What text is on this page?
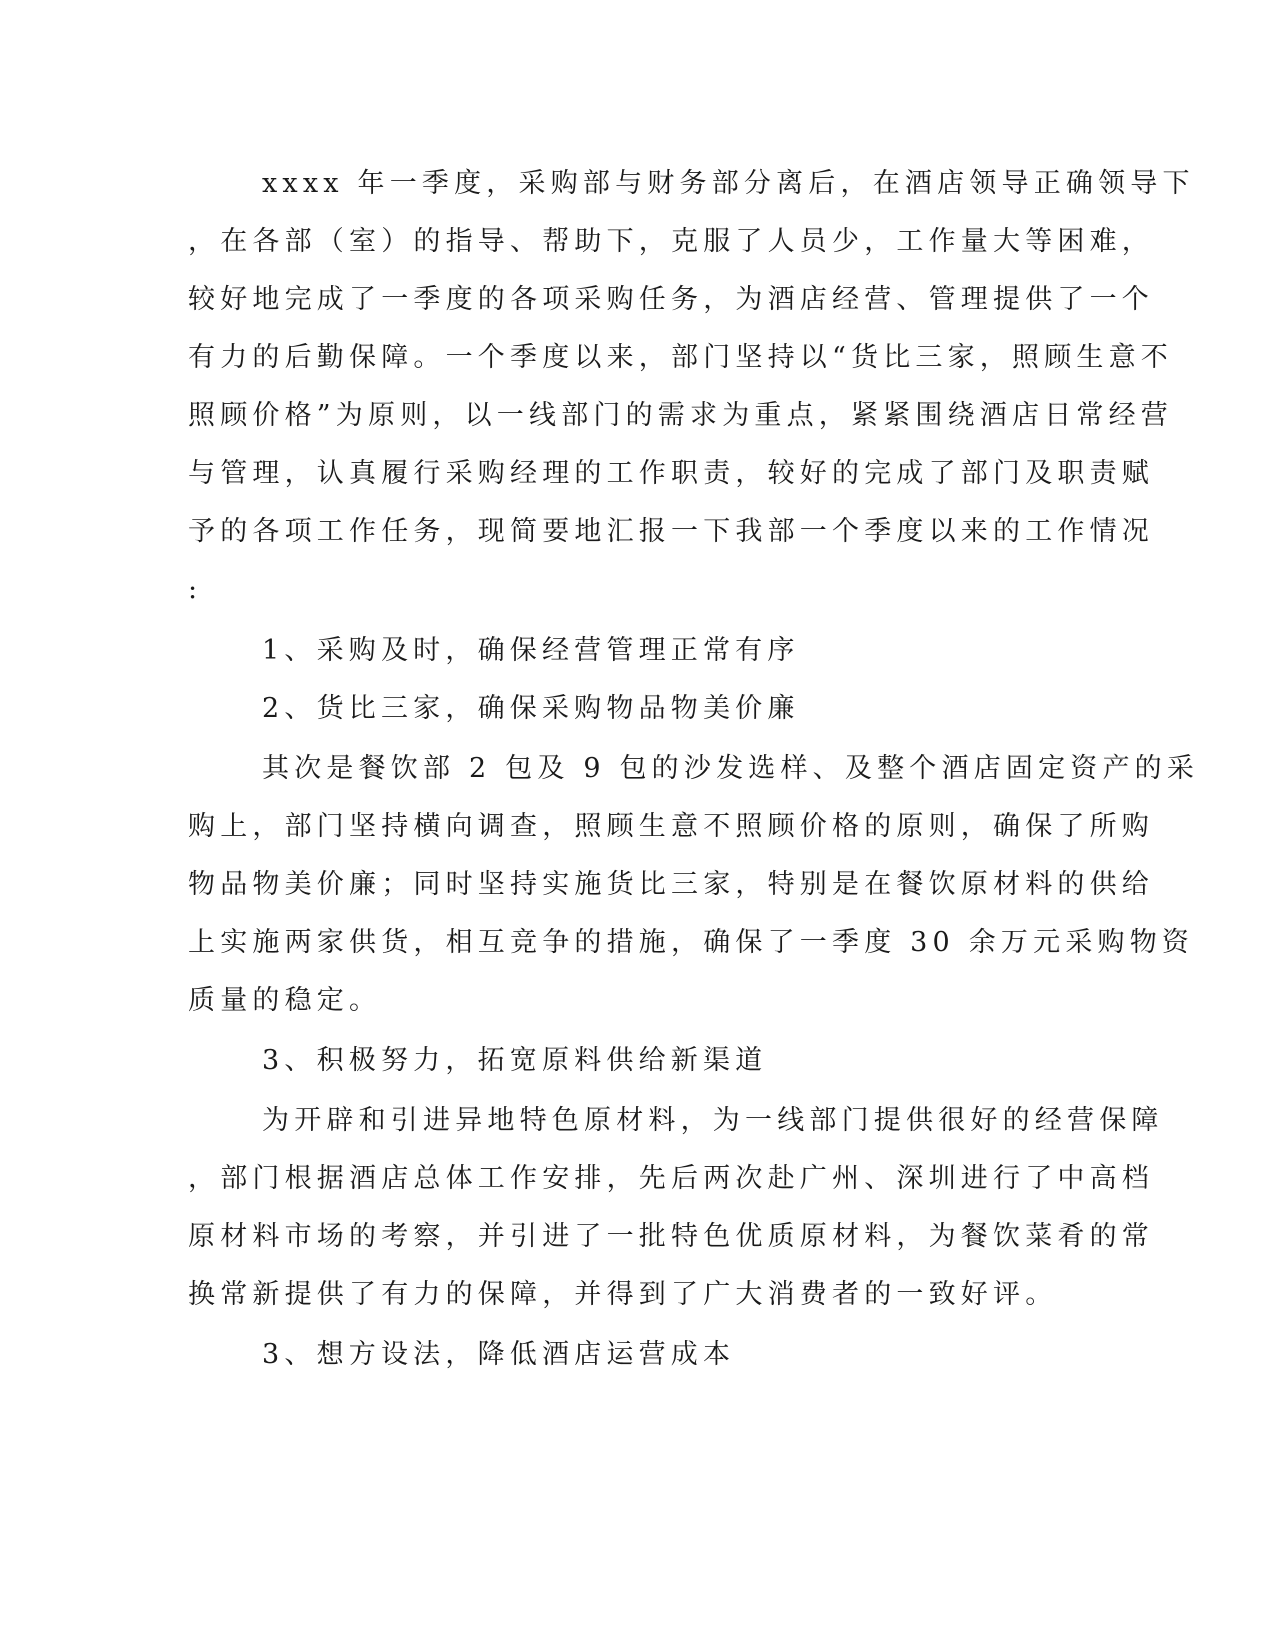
xxxx 年一季度，采购部与财务部分离后，在酒店领导正确领导下
，在各部（室）的指导、帮助下，克服了人员少，工作量大等困难，
较好地完成了一季度的各项采购任务，为酒店经营、管理提供了一个
有力的后勤保障。一个季度以来，部门坚持以“货比三家，照顾生意不
照顾价格”为原则，以一线部门的需求为重点，紧紧围绕酒店日常经营
与管理，认真履行采购经理的工作职责，较好的完成了部门及职责赋
予的各项工作任务，现简要地汇报一下我部一个季度以来的工作情况
:
1、采购及时，确保经营管理正常有序
2、货比三家，确保采购物品物美价廉
其次是餐饮部 2 包及 9 包的沙发选样、及整个酒店固定资产的采
购上，部门坚持横向调查，照顾生意不照顾价格的原则，确保了所购
物品物美价廉；同时坚持实施货比三家，特别是在餐饮原材料的供给
上实施两家供货，相互竞争的措施，确保了一季度 30 余万元采购物资
质量的稳定。
3、积极努力，拓宽原料供给新渠道
为开辟和引进异地特色原材料，为一线部门提供很好的经营保障
，部门根据酒店总体工作安排，先后两次赴广州、深圳进行了中高档
原材料市场的考察，并引进了一批特色优质原材料，为餐饮菜肴的常
换常新提供了有力的保障，并得到了广大消费者的一致好评。
3、想方设法，降低酒店运营成本
